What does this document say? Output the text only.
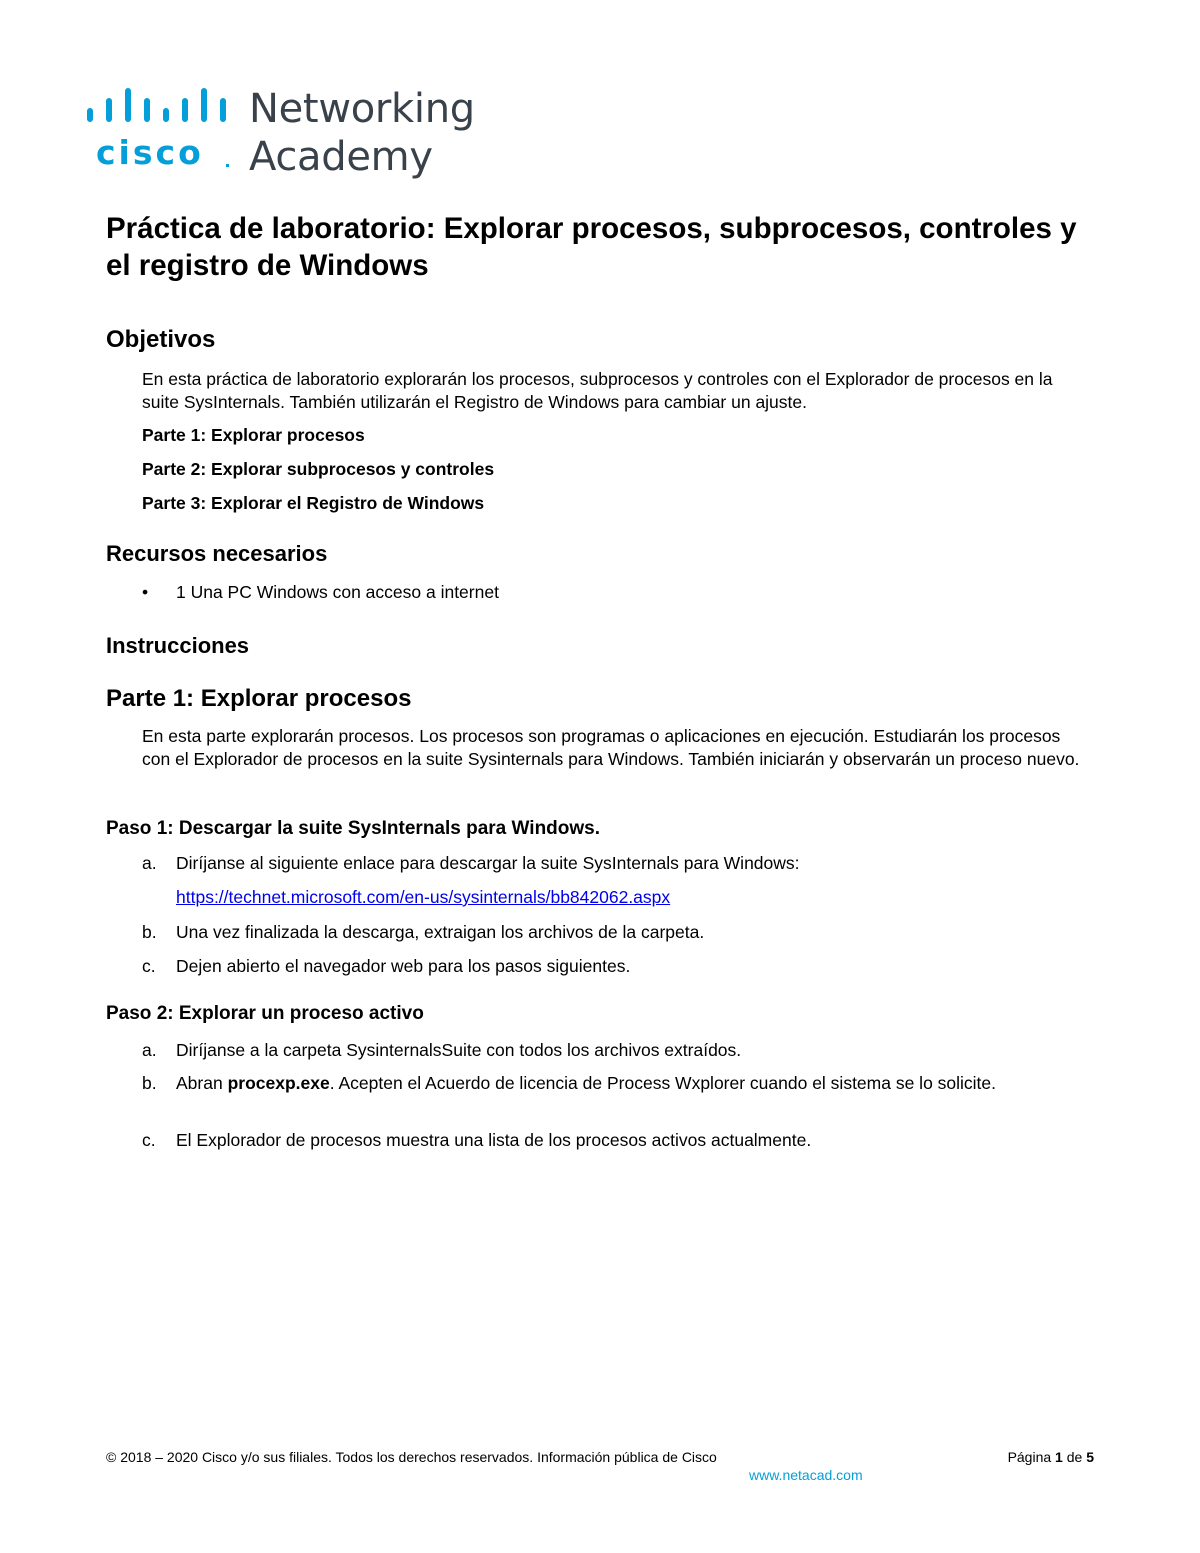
cisco
Networking
Academy
Práctica de laboratorio: Explorar procesos, subprocesos, controles y el registro de Windows
Objetivos
En esta práctica de laboratorio explorarán los procesos, subprocesos y controles con el Explorador de procesos en la suite SysInternals. También utilizarán el Registro de Windows para cambiar un ajuste.
Parte 1: Explorar procesos
Parte 2: Explorar subprocesos y controles
Parte 3: Explorar el Registro de Windows
Recursos necesarios
• 1 Una PC Windows con acceso a internet
Instrucciones
Parte 1: Explorar procesos
En esta parte explorarán procesos. Los procesos son programas o aplicaciones en ejecución. Estudiarán los procesos con el Explorador de procesos en la suite Sysinternals para Windows. También iniciarán y observarán un proceso nuevo.
Paso 1: Descargar la suite SysInternals para Windows.
a.	Diríjanse al siguiente enlace para descargar la suite SysInternals para Windows:
https://technet.microsoft.com/en-us/sysinternals/bb842062.aspx
b.	Una vez finalizada la descarga, extraigan los archivos de la carpeta.
c.	Dejen abierto el navegador web para los pasos siguientes.
Paso 2: Explorar un proceso activo
a.	Diríjanse a la carpeta SysinternalsSuite con todos los archivos extraídos.
b.	Abran procexp.exe. Acepten el Acuerdo de licencia de Process Wxplorer cuando el sistema se lo solicite.
c.	El Explorador de procesos muestra una lista de los procesos activos actualmente.
© 2018 – 2020 Cisco y/o sus filiales. Todos los derechos reservados. Información pública de Cisco	Página 1 de 5
www.netacad.com
